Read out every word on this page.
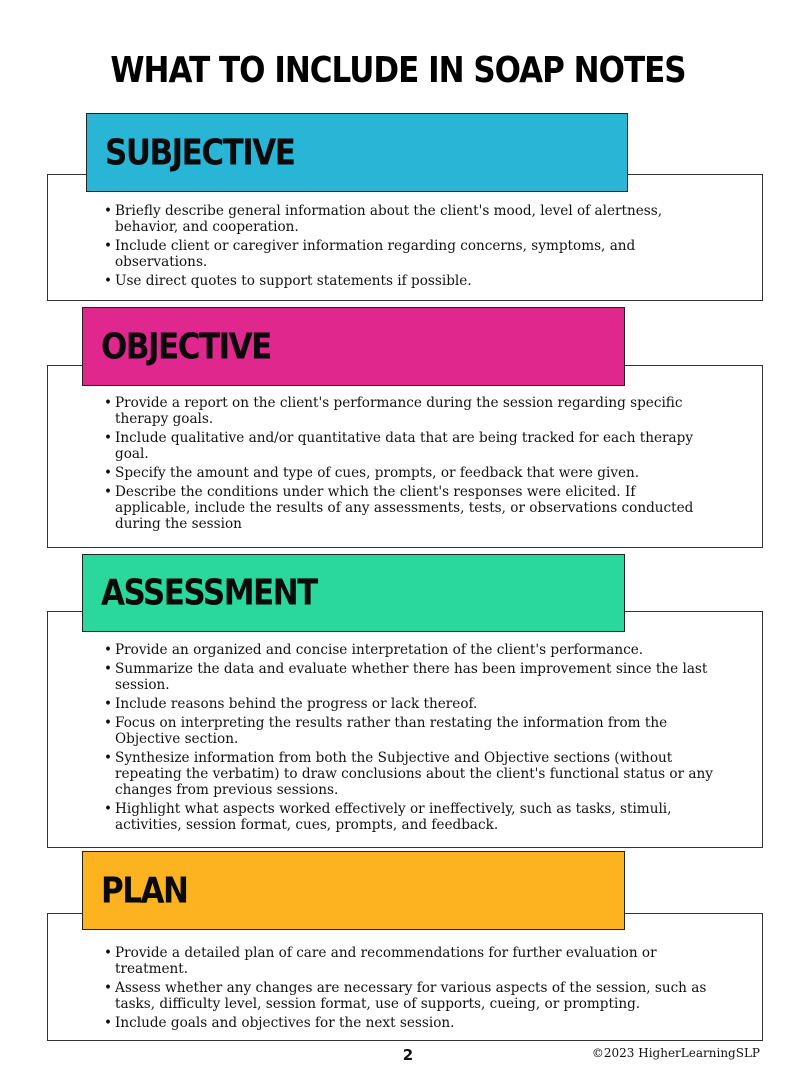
WHAT TO INCLUDE IN SOAP NOTES
• Briefly describe general information about the client's mood, level of alertness, behavior, and cooperation.
• Include client or caregiver information regarding concerns, symptoms, and observations.
• Use direct quotes to support statements if possible.
SUBJECTIVE
• Provide a report on the client's performance during the session regarding specific therapy goals.
• Include qualitative and/or quantitative data that are being tracked for each therapy goal.
• Specify the amount and type of cues, prompts, or feedback that were given.
• Describe the conditions under which the client's responses were elicited. If applicable, include the results of any assessments, tests, or observations conducted during the session
OBJECTIVE
• Provide an organized and concise interpretation of the client's performance.
• Summarize the data and evaluate whether there has been improvement since the last session.
• Include reasons behind the progress or lack thereof.
• Focus on interpreting the results rather than restating the information from the Objective section.
• Synthesize information from both the Subjective and Objective sections (without repeating the verbatim) to draw conclusions about the client's functional status or any changes from previous sessions.
• Highlight what aspects worked effectively or ineffectively, such as tasks, stimuli, activities, session format, cues, prompts, and feedback.
ASSESSMENT
• Provide a detailed plan of care and recommendations for further evaluation or treatment.
• Assess whether any changes are necessary for various aspects of the session, such as tasks, difficulty level, session format, use of supports, cueing, or prompting.
• Include goals and objectives for the next session.
PLAN
2	©2023 HigherLearningSLP
